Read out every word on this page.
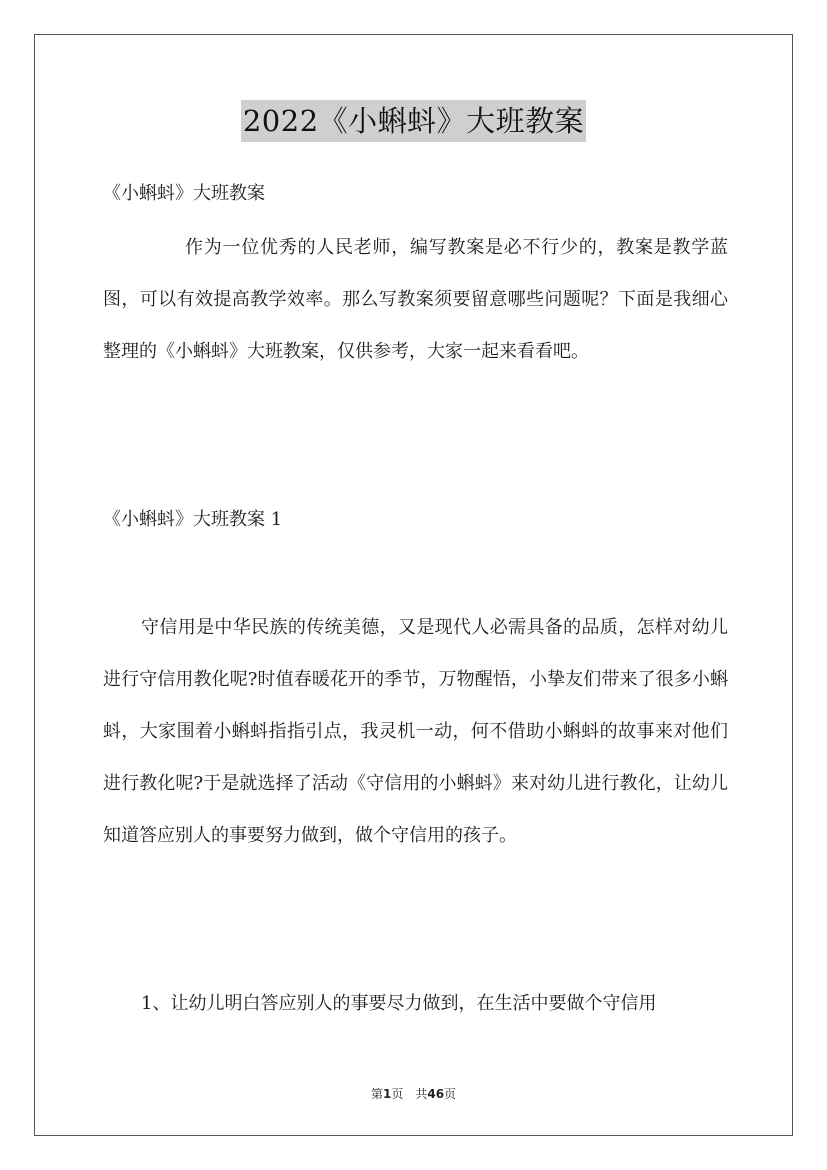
2022《小蝌蚪》大班教案

《小蝌蚪》大班教案

作为一位优秀的人民老师，编写教案是必不行少的，教案是教学蓝图，可以有效提高教学效率。那么写教案须要留意哪些问题呢？下面是我细心整理的《小蝌蚪》大班教案，仅供参考，大家一起来看看吧。

《小蝌蚪》大班教案 1

守信用是中华民族的传统美德，又是现代人必需具备的品质，怎样对幼儿进行守信用教化呢?时值春暖花开的季节，万物醒悟，小挚友们带来了很多小蝌蚪，大家围着小蝌蚪指指引点，我灵机一动，何不借助小蝌蚪的故事来对他们进行教化呢?于是就选择了活动《守信用的小蝌蚪》来对幼儿进行教化，让幼儿知道答应别人的事要努力做到，做个守信用的孩子。

1、让幼儿明白答应别人的事要尽力做到，在生活中要做个守信用

第1页 共46页
